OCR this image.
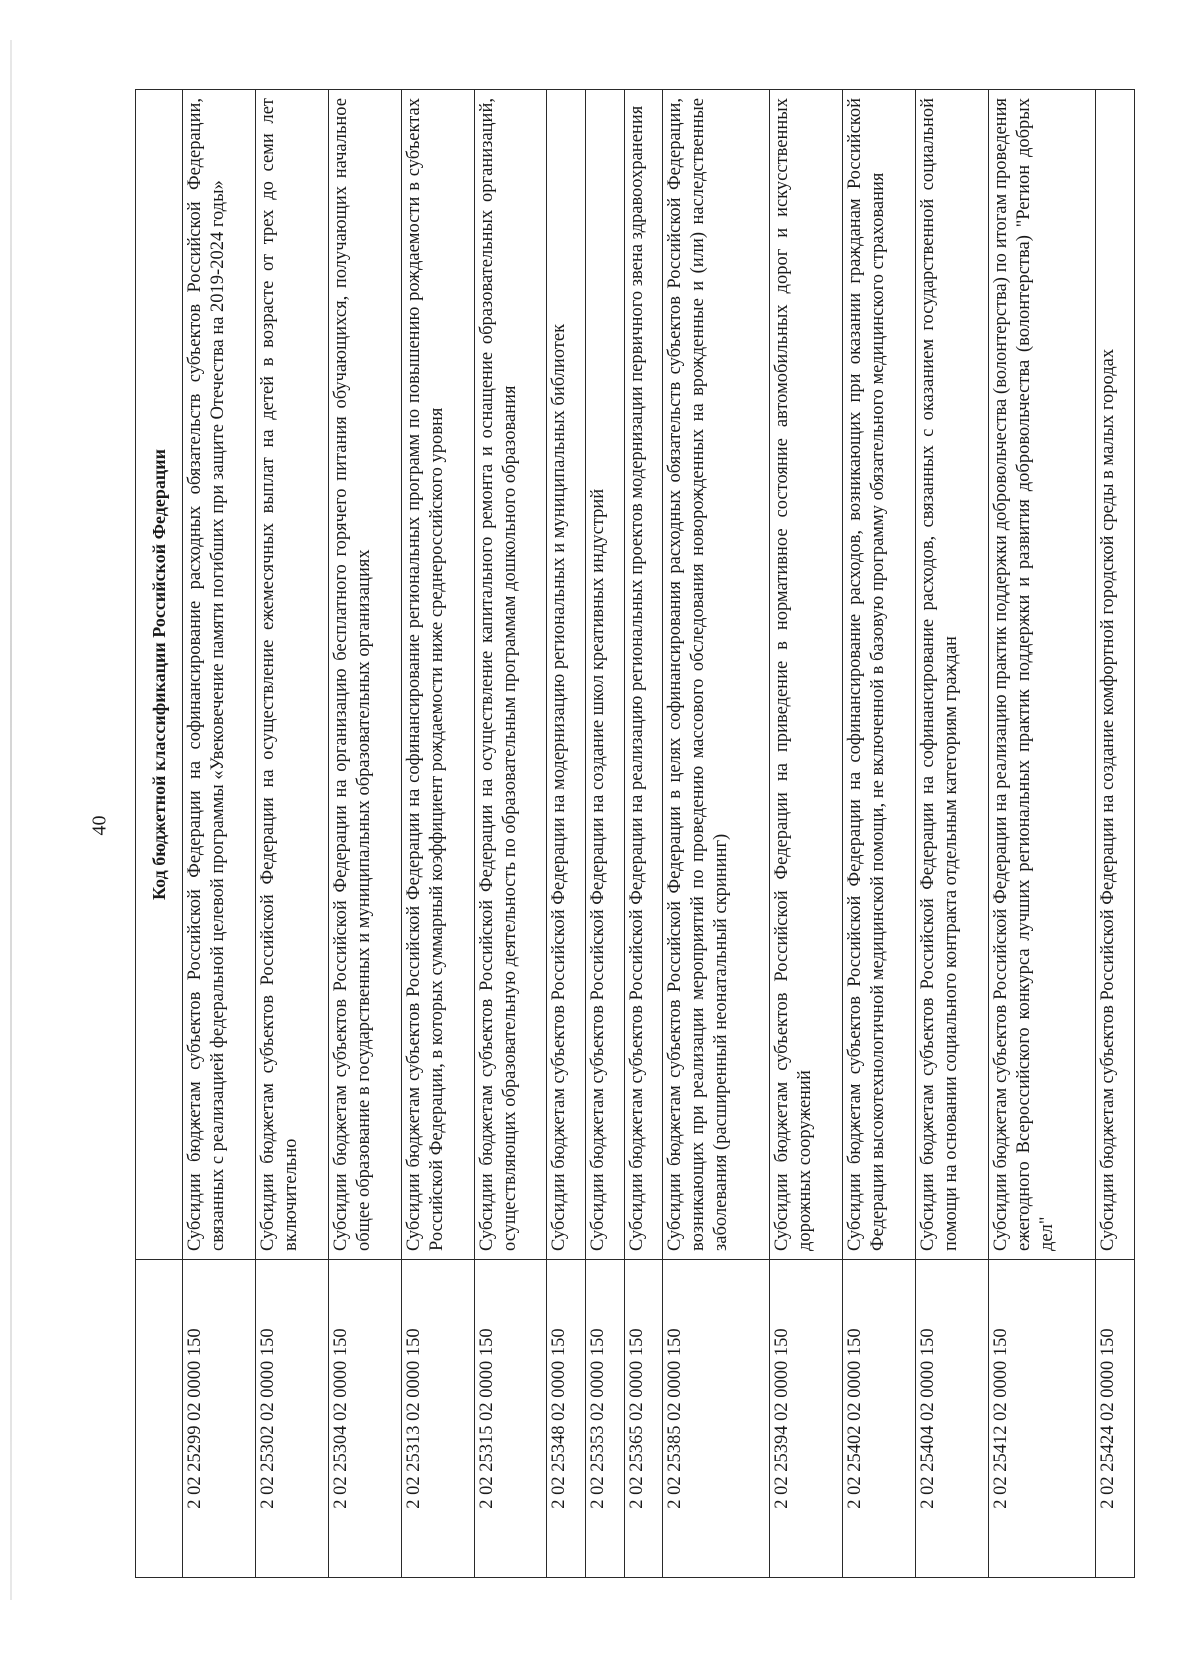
40
	Код бюджетной классификации Российской Федерации
2 02 25299 02 0000 150	Субсидии бюджетам субъектов Российской Федерации на софинансирование расходных обязательств субъектов Российской Федерации, связанных с реализацией федеральной целевой программы «Увековечение памяти погибших при защите Отечества на 2019-2024 годы»
2 02 25302 02 0000 150	Субсидии бюджетам субъектов Российской Федерации на осуществление ежемесячных выплат на детей в возрасте от трех до семи лет включительно
2 02 25304 02 0000 150	Субсидии бюджетам субъектов Российской Федерации на организацию бесплатного горячего питания обучающихся, получающих начальное общее образование в государственных и муниципальных образовательных организациях
2 02 25313 02 0000 150	Субсидии бюджетам субъектов Российской Федерации на софинансирование региональных программ по повышению рождаемости в субъектах Российской Федерации, в которых суммарный коэффициент рождаемости ниже среднероссийского уровня
2 02 25315 02 0000 150	Субсидии бюджетам субъектов Российской Федерации на осуществление капитального ремонта и оснащение образовательных организаций, осуществляющих образовательную деятельность по образовательным программам дошкольного образования
2 02 25348 02 0000 150	Субсидии бюджетам субъектов Российской Федерации на модернизацию региональных и муниципальных библиотек
2 02 25353 02 0000 150	Субсидии бюджетам субъектов Российской Федерации на создание школ креативных индустрий
2 02 25365 02 0000 150	Субсидии бюджетам субъектов Российской Федерации на реализацию региональных проектов модернизации первичного звена здравоохранения
2 02 25385 02 0000 150	Субсидии бюджетам субъектов Российской Федерации в целях софинансирования расходных обязательств субъектов Российской Федерации, возникающих при реализации мероприятий по проведению массового обследования новорожденных на врожденные и (или) наследственные заболевания (расширенный неонатальный скрининг)
2 02 25394 02 0000 150	Субсидии бюджетам субъектов Российской Федерации на приведение в нормативное состояние автомобильных дорог и искусственных дорожных сооружений
2 02 25402 02 0000 150	Субсидии бюджетам субъектов Российской Федерации на софинансирование расходов, возникающих при оказании гражданам Российской Федерации высокотехнологичной медицинской помощи, не включенной в базовую программу обязательного медицинского страхования
2 02 25404 02 0000 150	Субсидии бюджетам субъектов Российской Федерации на софинансирование расходов, связанных с оказанием государственной социальной помощи на основании социального контракта отдельным категориям граждан
2 02 25412 02 0000 150	Субсидии бюджетам субъектов Российской Федерации на реализацию практик поддержки добровольчества (волонтерства) по итогам проведения ежегодного Всероссийского конкурса лучших региональных практик поддержки и развития добровольчества (волонтерства) "Регион добрых дел"
2 02 25424 02 0000 150	Субсидии бюджетам субъектов Российской Федерации на создание комфортной городской среды в малых городах
